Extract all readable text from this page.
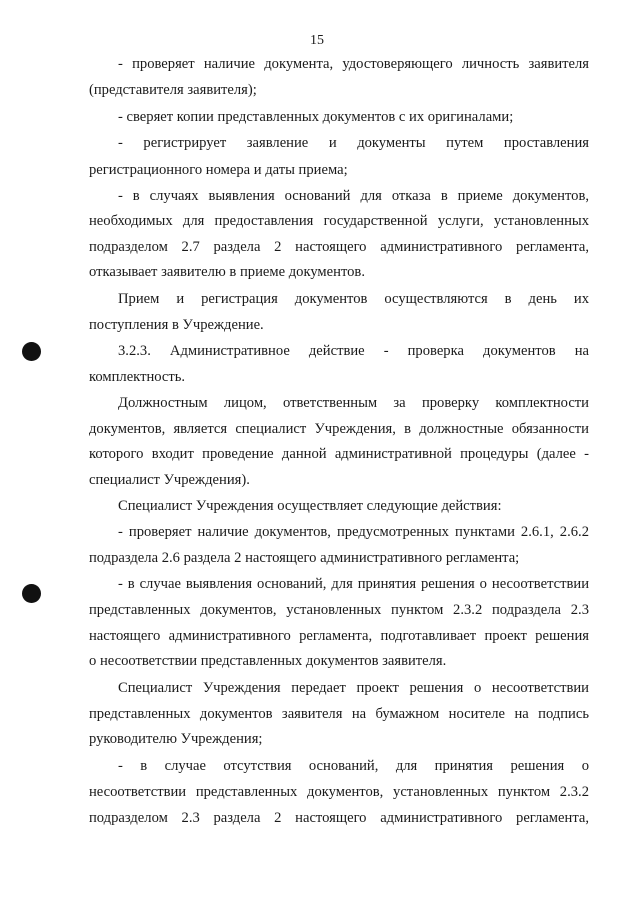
15
- проверяет наличие документа, удостоверяющего личность заявителя
(представителя заявителя);
- сверяет копии представленных документов с их оригиналами;
- регистрирует заявление и документы путем проставления
регистрационного номера и даты приема;
- в случаях выявления оснований для отказа в приеме документов,
необходимых для предоставления государственной услуги, установленных
подразделом 2.7 раздела 2 настоящего административного регламента,
отказывает заявителю в приеме документов.
Прием и регистрация документов осуществляются в день их
поступления в Учреждение.
3.2.3. Административное действие - проверка документов на
комплектность.
Должностным лицом, ответственным за проверку комплектности
документов, является специалист Учреждения, в должностные обязанности
которого входит проведение данной административной процедуры (далее -
специалист Учреждения).
Специалист Учреждения осуществляет следующие действия:
- проверяет наличие документов, предусмотренных пунктами 2.6.1, 2.6.2
подраздела 2.6 раздела 2 настоящего административного регламента;
- в случае выявления оснований, для принятия решения о несоответствии
представленных документов, установленных пунктом 2.3.2 подраздела 2.3
настоящего административного регламента, подготавливает проект решения
о несоответствии представленных документов заявителя.
Специалист Учреждения передает проект решения о несоответствии
представленных документов заявителя на бумажном носителе на подпись
руководителю Учреждения;
- в случае отсутствия оснований, для принятия решения о
несоответствии представленных документов, установленных пунктом 2.3.2
подразделом 2.3 раздела 2 настоящего административного регламента,
